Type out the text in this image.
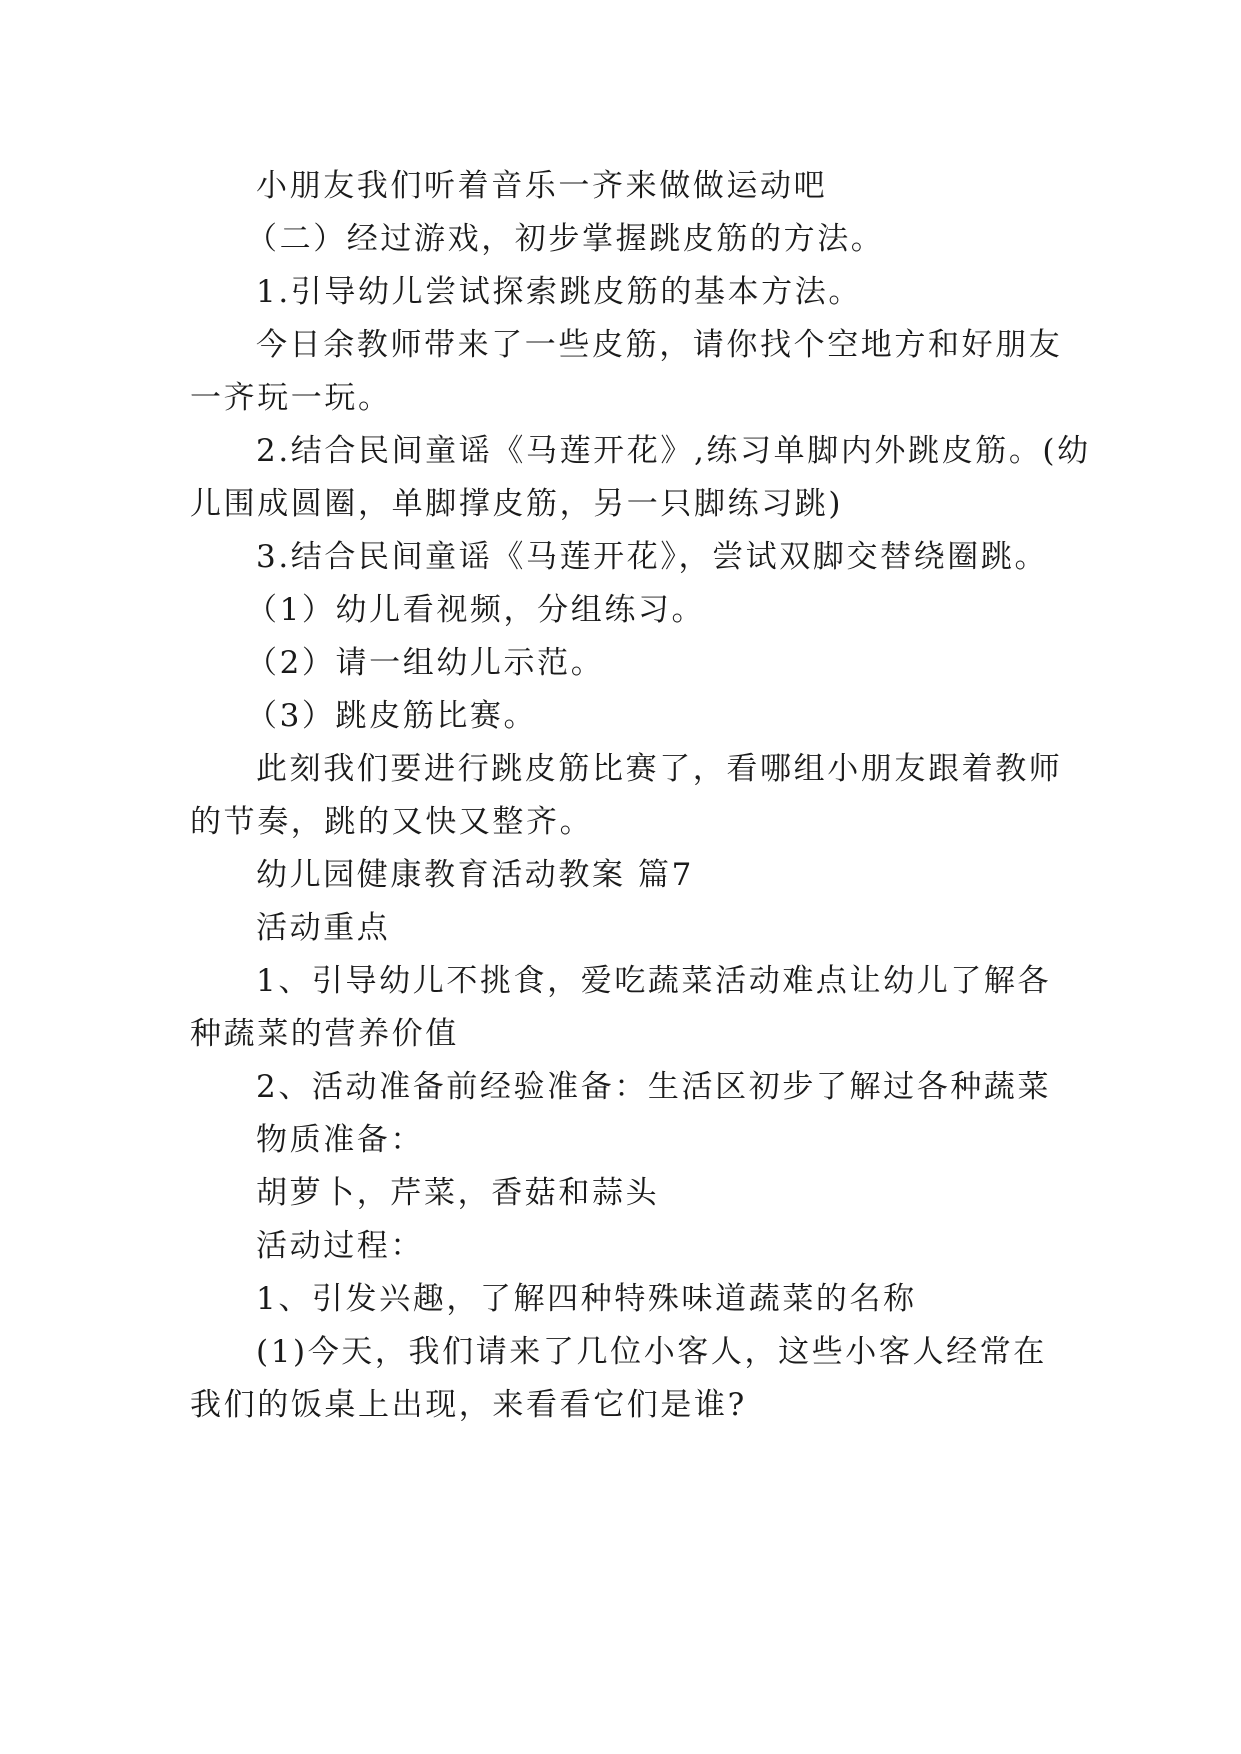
小朋友我们听着音乐一齐来做做运动吧

（二）经过游戏，初步掌握跳皮筋的方法。

1.引导幼儿尝试探索跳皮筋的基本方法。

今日余教师带来了一些皮筋，请你找个空地方和好朋友

一齐玩一玩。

2.结合民间童谣《马莲开花》,练习单脚内外跳皮筋。(幼

儿围成圆圈，单脚撑皮筋，另一只脚练习跳)

3.结合民间童谣《马莲开花》，尝试双脚交替绕圈跳。

（1）幼儿看视频，分组练习。

（2）请一组幼儿示范。

（3）跳皮筋比赛。

此刻我们要进行跳皮筋比赛了，看哪组小朋友跟着教师

的节奏，跳的又快又整齐。

幼儿园健康教育活动教案 篇7

活动重点

1、引导幼儿不挑食，爱吃蔬菜活动难点让幼儿了解各

种蔬菜的营养价值

2、活动准备前经验准备：生活区初步了解过各种蔬菜

物质准备：

胡萝卜，芹菜，香菇和蒜头

活动过程：

1、引发兴趣，了解四种特殊味道蔬菜的名称

(1)今天，我们请来了几位小客人，这些小客人经常在

我们的饭桌上出现，来看看它们是谁?
